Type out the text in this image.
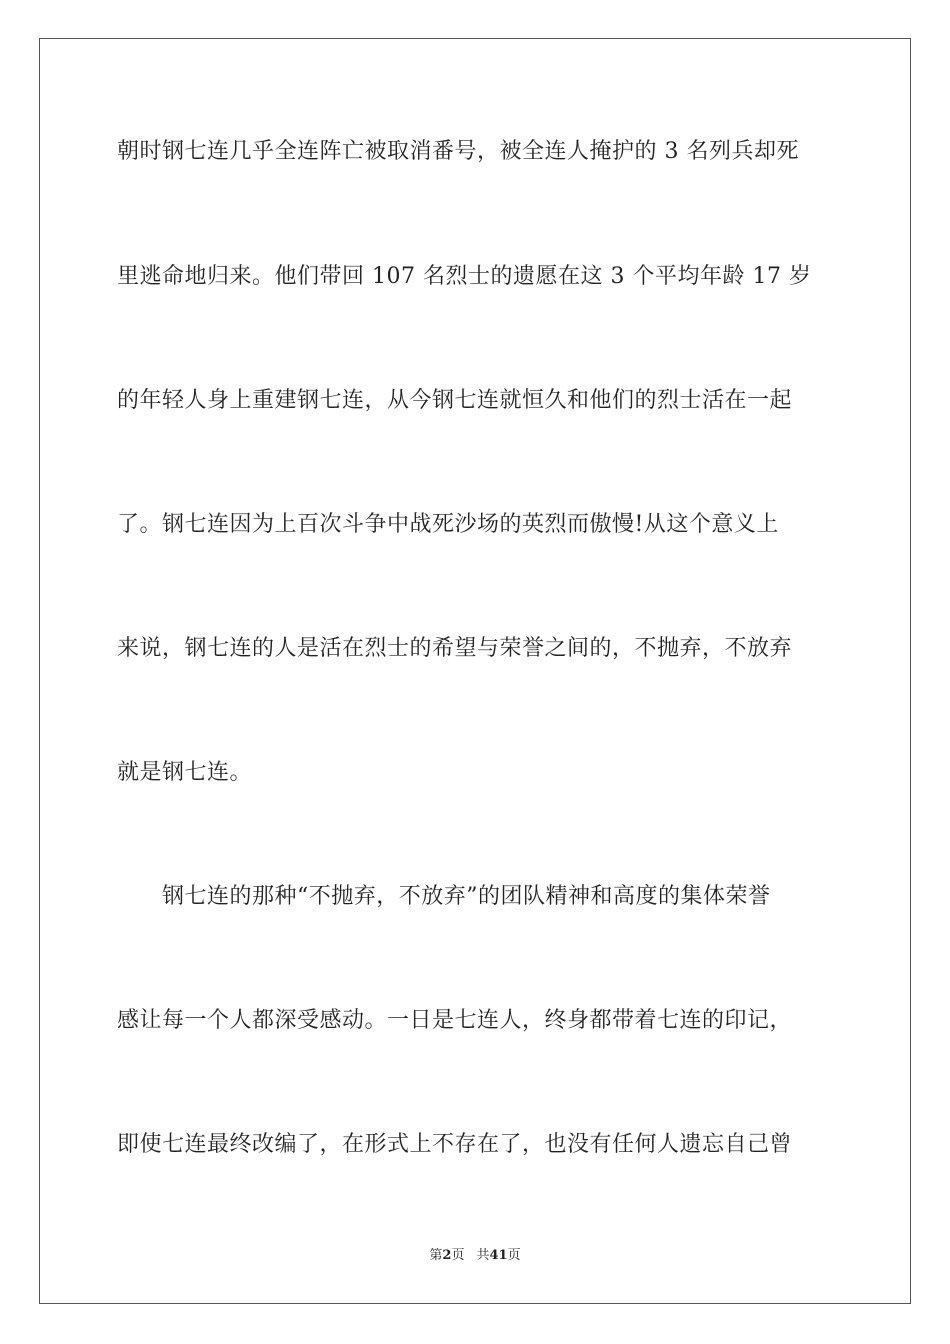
朝时钢七连几乎全连阵亡被取消番号，被全连人掩护的 3 名列兵却死
里逃命地归来。他们带回 107 名烈士的遗愿在这 3 个平均年龄 17 岁
的年轻人身上重建钢七连，从今钢七连就恒久和他们的烈士活在一起
了。钢七连因为上百次斗争中战死沙场的英烈而傲慢!从这个意义上
来说，钢七连的人是活在烈士的希望与荣誉之间的，不抛弃，不放弃
就是钢七连。
　　钢七连的那种“不抛弃，不放弃”的团队精神和高度的集体荣誉
感让每一个人都深受感动。一日是七连人，终身都带着七连的印记，
即使七连最终改编了，在形式上不存在了，也没有任何人遗忘自己曾
第2页 共41页
